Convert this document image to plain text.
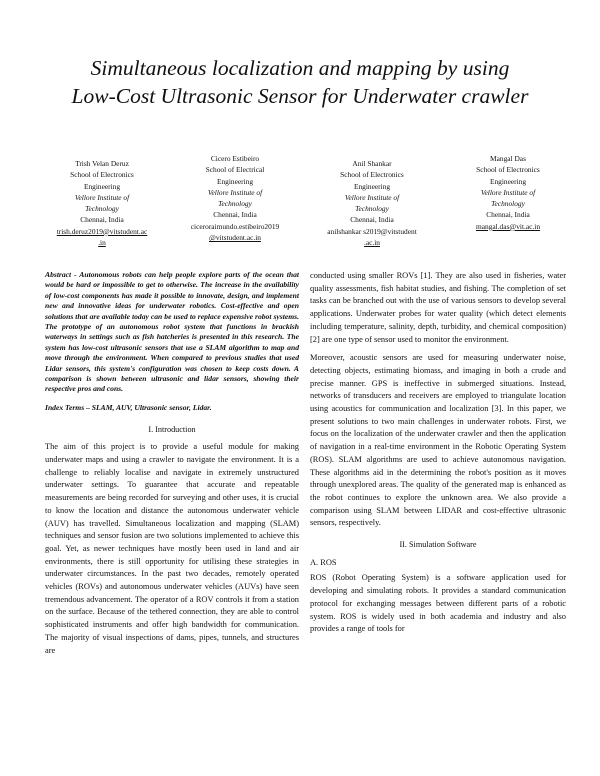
Simultaneous localization and mapping by using
Low-Cost Ultrasonic Sensor for Underwater crawler
Trish Velan Deruz
School of Electronics
Engineering
Vellore Institute of
Technology
Chennai, India
trish.deruz2019@vitstudent.ac
.in
Cicero Estibeiro
School of Electrical
Engineering
Vellore Institute of
Technology
Chennai, India
ciceroraimundo.estibeiro2019
@vitstudent.ac.in
Anil Shankar
School of Electronics
Engineering
Vellore Institute of
Technology
Chennai, India
anilshankar s2019@vitstudent
.ac.in
Mangal Das
School of Electronics
Engineering
Vellore Institute of
Technology
Chennai, India
mangal.das@vit.ac.in

Abstract - Autonomous robots can help people explore parts of the ocean that would be hard or impossible to get to otherwise. The increase in the availability of low-cost components has made it possible to innovate, design, and implement new and innovative ideas for underwater robotics. Cost-effective and open solutions that are available today can be used to replace expensive robot systems. The prototype of an autonomous robot system that functions in brackish waterways in settings such as fish hatcheries is presented in this research. The system has low-cost ultrasonic sensors that use a SLAM algorithm to map and move through the environment. When compared to previous studies that used Lidar sensors, this system's configuration was chosen to keep costs down. A comparison is shown between ultrasonic and lidar sensors, showing their respective pros and cons.

Index Terms – SLAM, AUV, Ultrasonic sensor, Lidar.

I. Introduction

The aim of this project is to provide a useful module for making underwater maps and using a crawler to navigate the environment. It is a challenge to reliably localise and navigate in extremely unstructured underwater settings. To guarantee that accurate and repeatable measurements are being recorded for surveying and other uses, it is crucial to know the location and distance the autonomous underwater vehicle (AUV) has travelled. Simultaneous localization and mapping (SLAM) techniques and sensor fusion are two solutions implemented to achieve this goal. Yet, as newer techniques have mostly been used in land and air environments, there is still opportunity for utilising these strategies in underwater circumstances. In the past two decades, remotely operated vehicles (ROVs) and autonomous underwater vehicles (AUVs) have seen tremendous advancement. The operator of a ROV controls it from a station on the surface. Because of the tethered connection, they are able to control sophisticated instruments and offer high bandwidth for communication. The majority of visual inspections of dams, pipes, tunnels, and structures are

conducted using smaller ROVs [1]. They are also used in fisheries, water quality assessments, fish habitat studies, and fishing. The completion of set tasks can be branched out with the use of various sensors to develop several applications. Underwater probes for water quality (which detect elements including temperature, salinity, depth, turbidity, and chemical composition) [2] are one type of sensor used to monitor the environment.

Moreover, acoustic sensors are used for measuring underwater noise, detecting objects, estimating biomass, and imaging in both a crude and precise manner. GPS is ineffective in submerged situations. Instead, networks of transducers and receivers are employed to triangulate location using acoustics for communication and localization [3]. In this paper, we present solutions to two main challenges in underwater robots. First, we focus on the localization of the underwater crawler and then the application of navigation in a real-time environment in the Robotic Operating System (ROS). SLAM algorithms are used to achieve autonomous navigation. These algorithms aid in the determining the robot's position as it moves through unexplored areas. The quality of the generated map is enhanced as the robot continues to explore the unknown area. We also provide a comparison using SLAM between LIDAR and cost-effective ultrasonic sensors, respectively.

II. Simulation Software
A. ROS

ROS (Robot Operating System) is a software application used for developing and simulating robots. It provides a standard communication protocol for exchanging messages between different parts of a robotic system. ROS is widely used in both academia and industry and also provides a range of tools for
